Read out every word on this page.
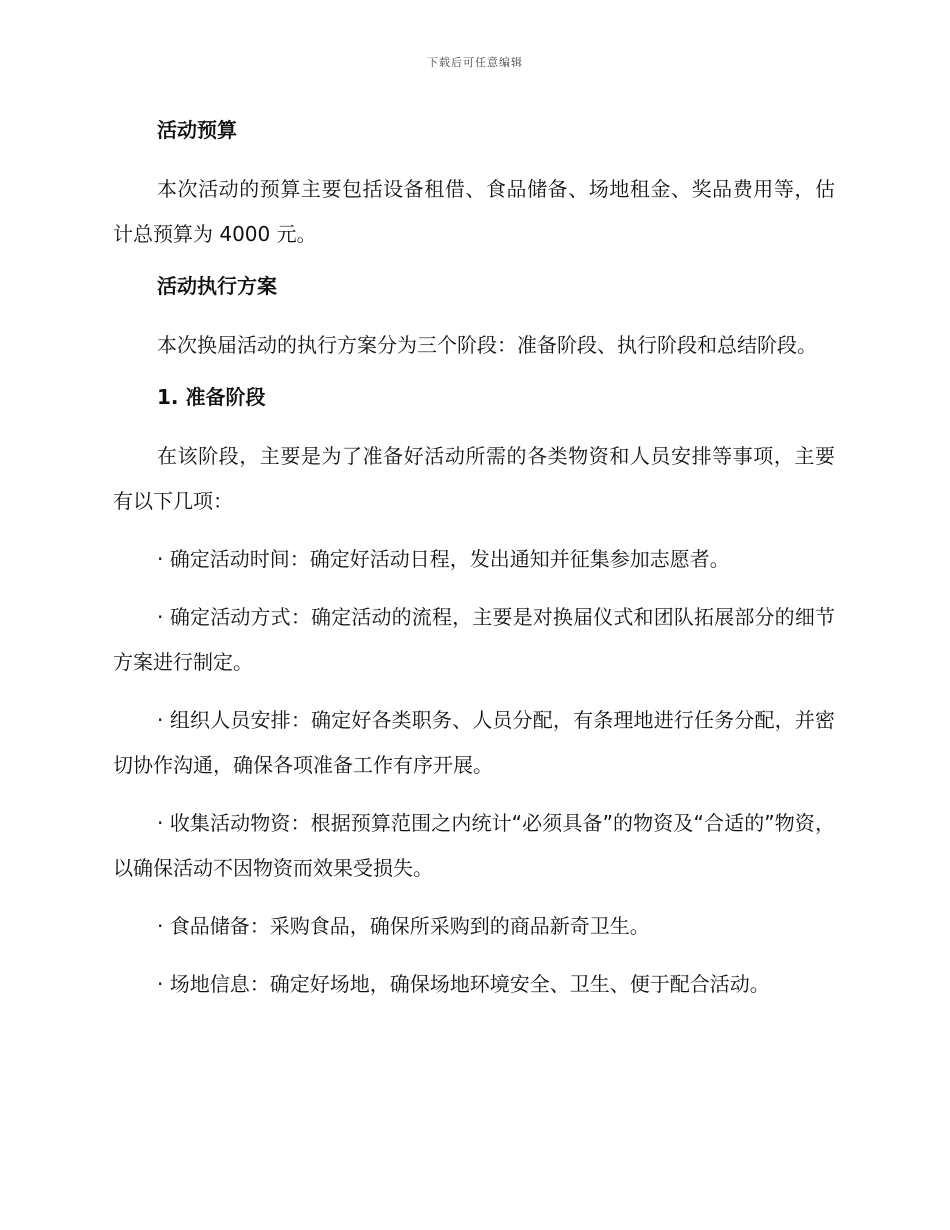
下载后可任意编辑
活动预算

本次活动的预算主要包括设备租借、食品储备、场地租金、奖品费用等，估计总预算为 4000 元。

活动执行方案

本次换届活动的执行方案分为三个阶段：准备阶段、执行阶段和总结阶段。

1. 准备阶段

在该阶段，主要是为了准备好活动所需的各类物资和人员安排等事项，主要有以下几项：

· 确定活动时间：确定好活动日程，发出通知并征集参加志愿者。

· 确定活动方式：确定活动的流程，主要是对换届仪式和团队拓展部分的细节方案进行制定。

· 组织人员安排：确定好各类职务、人员分配，有条理地进行任务分配，并密切协作沟通，确保各项准备工作有序开展。

· 收集活动物资：根据预算范围之内统计“必须具备”的物资及“合适的”物资，以确保活动不因物资而效果受损失。

· 食品储备：采购食品，确保所采购到的商品新奇卫生。

· 场地信息：确定好场地，确保场地环境安全、卫生、便于配合活动。
